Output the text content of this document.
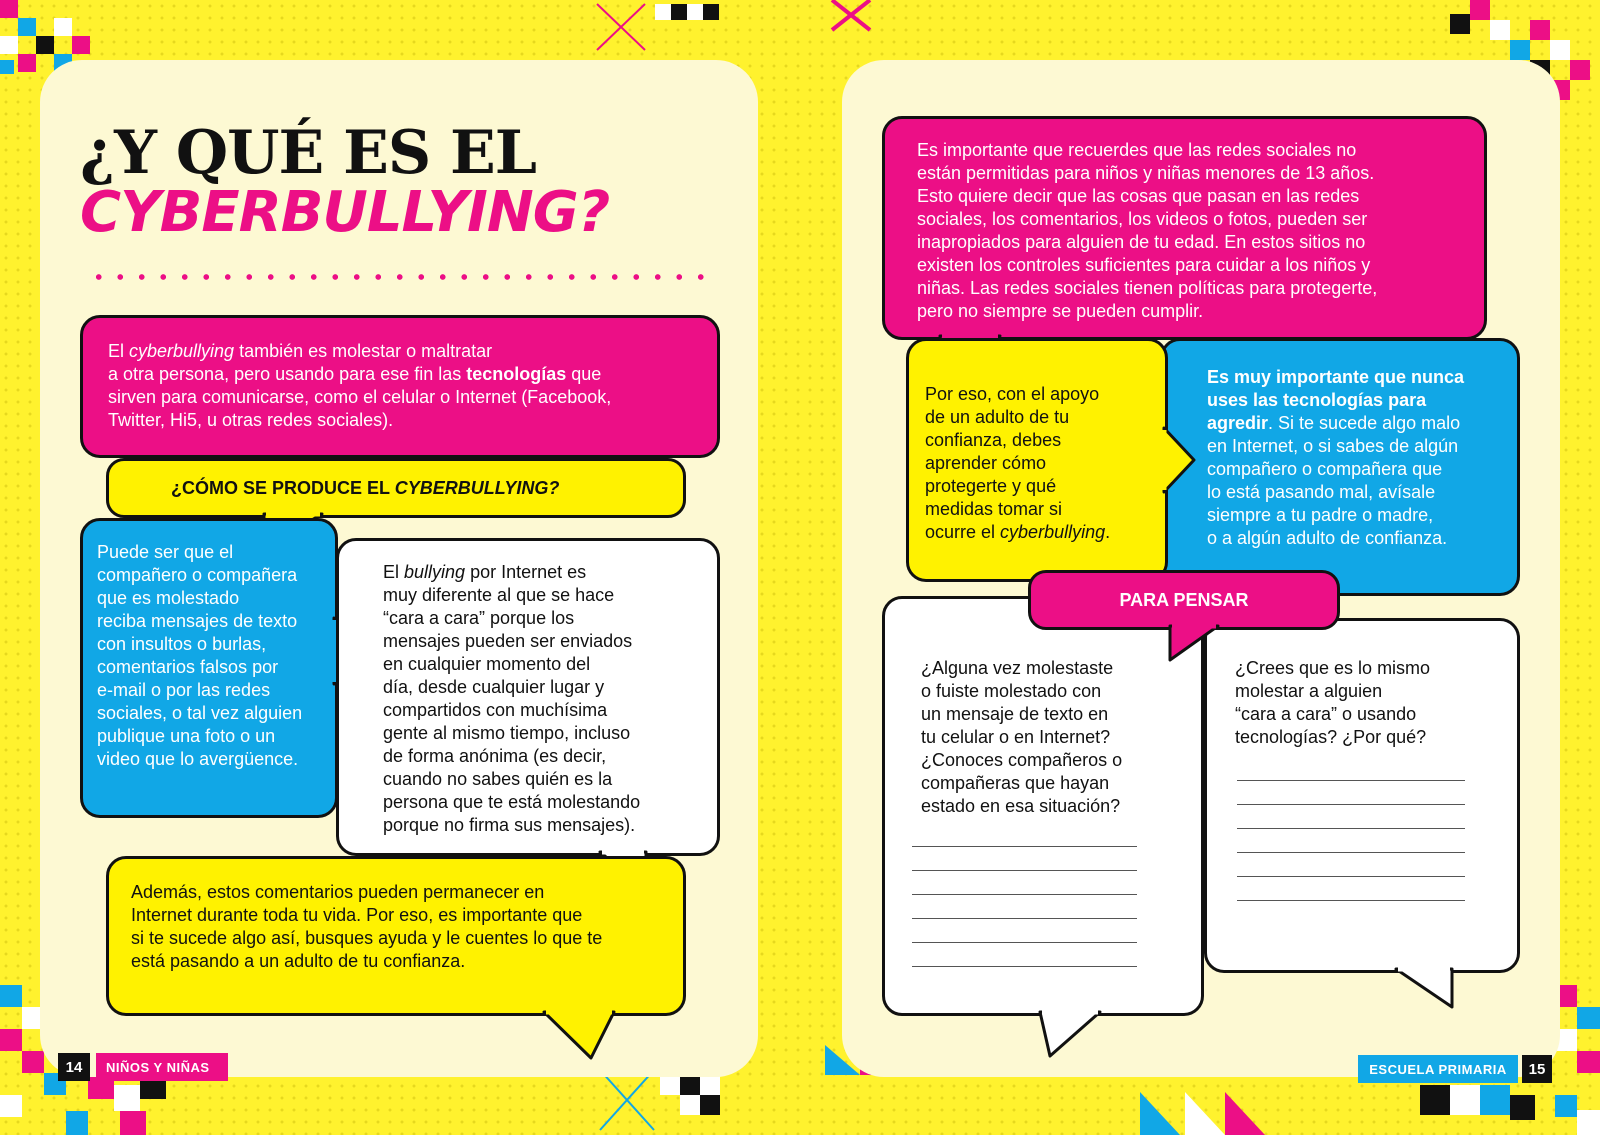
¿Y QUÉ ES EL
CYBERBULLYING?
El cyberbullying también es molestar o maltratar
a otra persona, pero usando para ese fin las tecnologías que
sirven para comunicarse, como el celular o Internet (Facebook,
Twitter, Hi5, u otras redes sociales).
¿CÓMO SE PRODUCE EL CYBERBULLYING?
Puede ser que el
compañero o compañera
que es molestado
reciba mensajes de texto
con insultos o burlas,
comentarios falsos por
e-mail o por las redes
sociales, o tal vez alguien
publique una foto o un
video que lo avergüence.
El bullying por Internet es
muy diferente al que se hace
“cara a cara” porque los
mensajes pueden ser enviados
en cualquier momento del
día, desde cualquier lugar y
compartidos con muchísima
gente al mismo tiempo, incluso
de forma anónima (es decir,
cuando no sabes quién es la
persona que te está molestando
porque no firma sus mensajes).
Además, estos comentarios pueden permanecer en
Internet durante toda tu vida. Por eso, es importante que
si te sucede algo así, busques ayuda y le cuentes lo que te
está pasando a un adulto de tu confianza.
14	NIÑOS Y NIÑAS
Es importante que recuerdes que las redes sociales no
están permitidas para niños y niñas menores de 13 años.
Esto quiere decir que las cosas que pasan en las redes
sociales, los comentarios, los videos o fotos, pueden ser
inapropiados para alguien de tu edad. En estos sitios no
existen los controles suficientes para cuidar a los niños y
niñas. Las redes sociales tienen políticas para protegerte,
pero no siempre se pueden cumplir.
Es muy importante que nunca
uses las tecnologías para
agredir. Si te sucede algo malo
en Internet, o si sabes de algún
compañero o compañera que
lo está pasando mal, avísale
siempre a tu padre o madre,
o a algún adulto de confianza.
Por eso, con el apoyo
de un adulto de tu
confianza, debes
aprender cómo
protegerte y qué
medidas tomar si
ocurre el cyberbullying.
¿Alguna vez molestaste
o fuiste molestado con
un mensaje de texto en
tu celular o en Internet?
¿Conoces compañeros o
compañeras que hayan
estado en esa situación?
¿Crees que es lo mismo
molestar a alguien
“cara a cara” o usando
tecnologías? ¿Por qué?
PARA PENSAR
ESCUELA PRIMARIA	15
